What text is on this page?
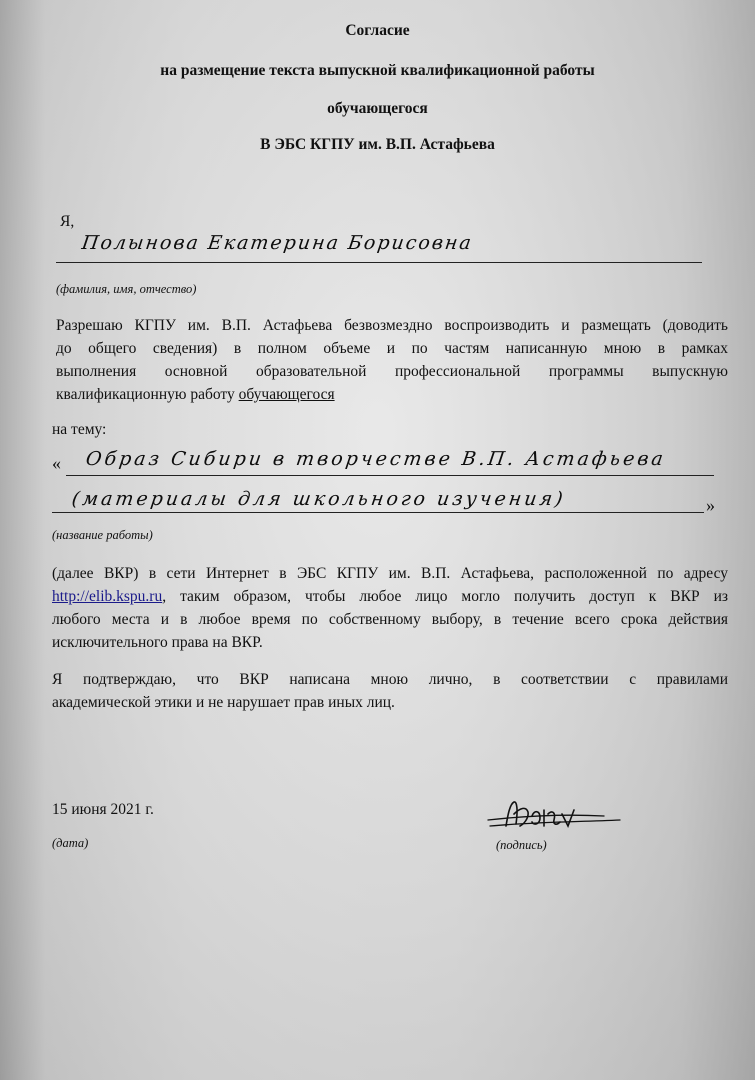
Согласие
на размещение текста выпускной квалификационной работы
обучающегося
В ЭБС КГПУ им. В.П. Астафьева
Я,
Полынова Екатерина Борисовна
(фамилия, имя, отчество)
Разрешаю КГПУ им. В.П. Астафьева безвозмездно воспроизводить и размещать (доводить
до общего сведения) в полном объеме и по частям написанную мною в рамках
выполнения основной образовательной профессиональной программы выпускную
квалификационную работу обучающегося
на тему:
« Образ Сибири в творчестве В.П. Астафьева
(материалы для школьного изучения)	»
(название работы)
(далее ВКР) в сети Интернет в ЭБС КГПУ им. В.П. Астафьева, расположенной по адресу
http://elib.kspu.ru, таким образом, чтобы любое лицо могло получить доступ к ВКР из
любого места и в любое время по собственному выбору, в течение всего срока действия
исключительного права на ВКР.
Я подтверждаю, что ВКР написана мною лично, в соответствии с правилами
академической этики и не нарушает прав иных лиц.
15 июня 2021 г.
(дата)	(подпись)
